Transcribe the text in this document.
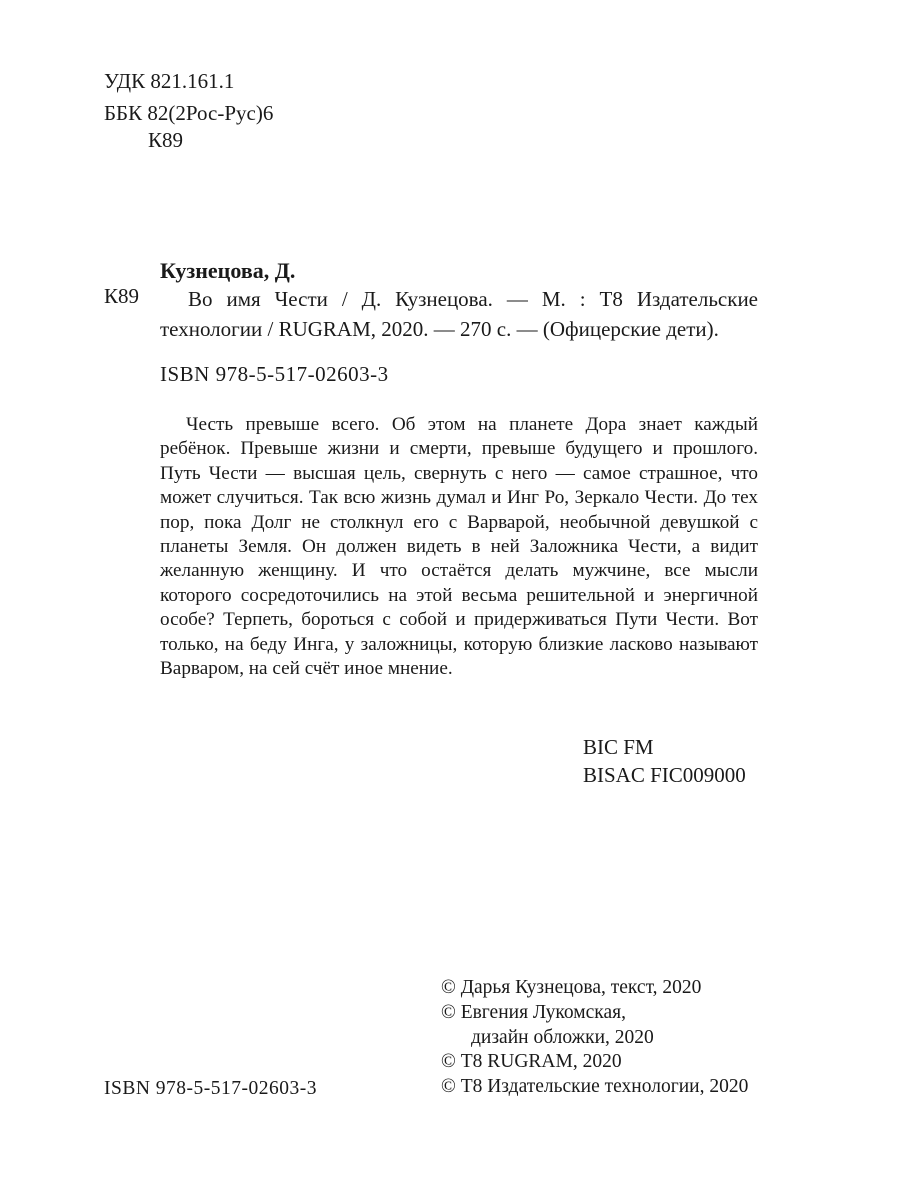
УДК 821.161.1
ББК 82(2Рос-Рус)6
К89
Кузнецова, Д.
К89	Во имя Чести / Д. Кузнецова. — М. : Т8 Издательские технологии / RUGRAM, 2020. — 270 с. — (Офицерские дети).
ISBN 978-5-517-02603-3
Честь превыше всего. Об этом на планете Дора знает каждый ребёнок. Превыше жизни и смерти, превыше будущего и прошлого. Путь Чести — высшая цель, свернуть с него — самое страшное, что может случиться. Так всю жизнь думал и Инг Ро, Зеркало Чести. До тех пор, пока Долг не столкнул его с Варварой, необычной девушкой с планеты Земля. Он должен видеть в ней Заложника Чести, а видит желанную женщину. И что остаётся делать мужчине, все мысли которого сосредоточились на этой весьма решительной и энергичной особе? Терпеть, бороться с собой и придерживаться Пути Чести. Вот только, на беду Инга, у заложницы, которую близкие ласково называют Варваром, на сей счёт иное мнение.
BIC FM
BISAC FIC009000
© Дарья Кузнецова, текст, 2020
© Евгения Лукомская,
дизайн обложки, 2020
© Т8 RUGRAM, 2020
© Т8 Издательские технологии, 2020
ISBN 978-5-517-02603-3
